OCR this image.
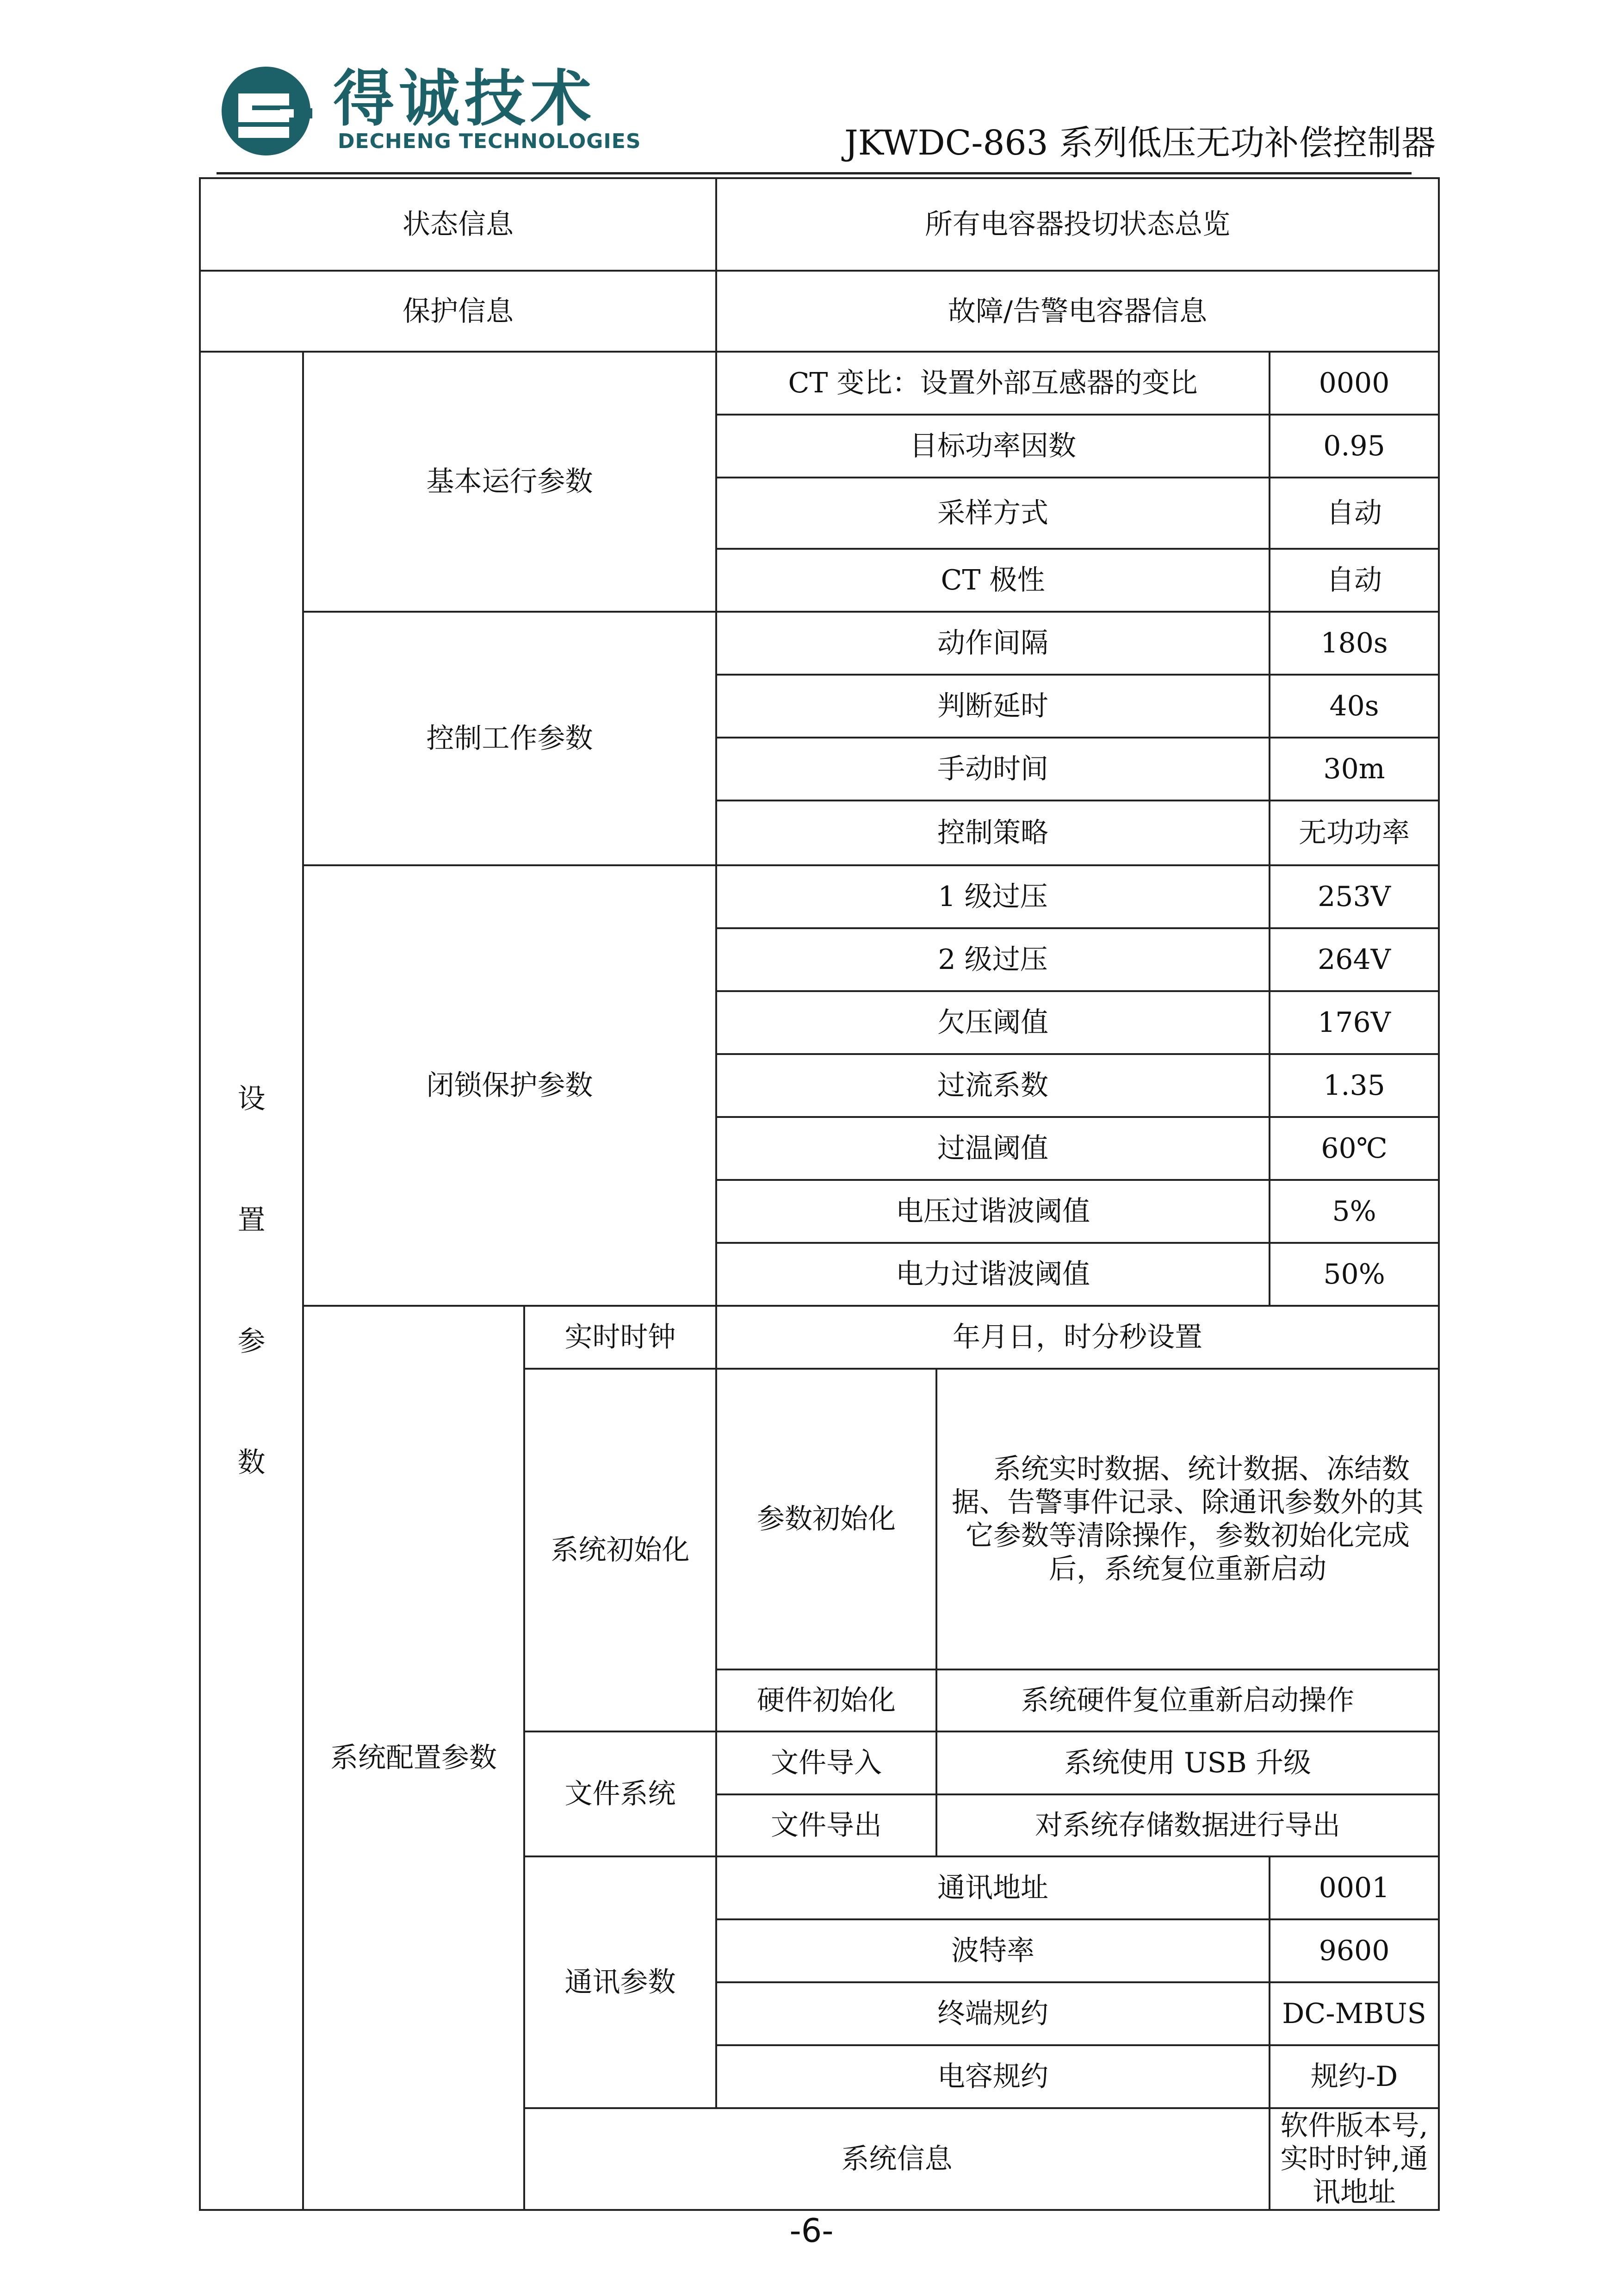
得诚技术
DECHENG TECHNOLOGIES	JKWDC-863 系列低压无功补偿控制器
状态信息			所有电容器投切状态总览		
保护信息			故障/告警电容器信息		

设
置
参
数	基本运行参数		CT 变比：设置外部互感器的变比		0000
			目标功率因数		0.95
			采样方式		自动
			CT 极性		自动
	控制工作参数		动作间隔		180s
			判断延时		40s
			手动时间		30m
			控制策略		无功功率
	闭锁保护参数		1 级过压		253V
			2 级过压		264V
			欠压阈值		176V
			过流系数		1.35
			过温阈值		60℃
			电压过谐波阈值		5%
			电力过谐波阈值		50%
	系统配置参数	实时时钟	年月日，时分秒设置		
		系统初始化	参数初始化	　系统实时数据、统计数据、冻结数据、告警事件记录、除通讯参数外的其它参数等清除操作，参数初始化完成后，系统复位重新启动	
			硬件初始化	系统硬件复位重新启动操作	
		文件系统	文件导入	系统使用 USB 升级	
			文件导出	对系统存储数据进行导出	
		通讯参数	通讯地址		0001
			波特率		9600
			终端规约		DC-MBUS
			电容规约		规约-D
		系统信息			软件版本号,实时时钟,通讯地址
-6-
